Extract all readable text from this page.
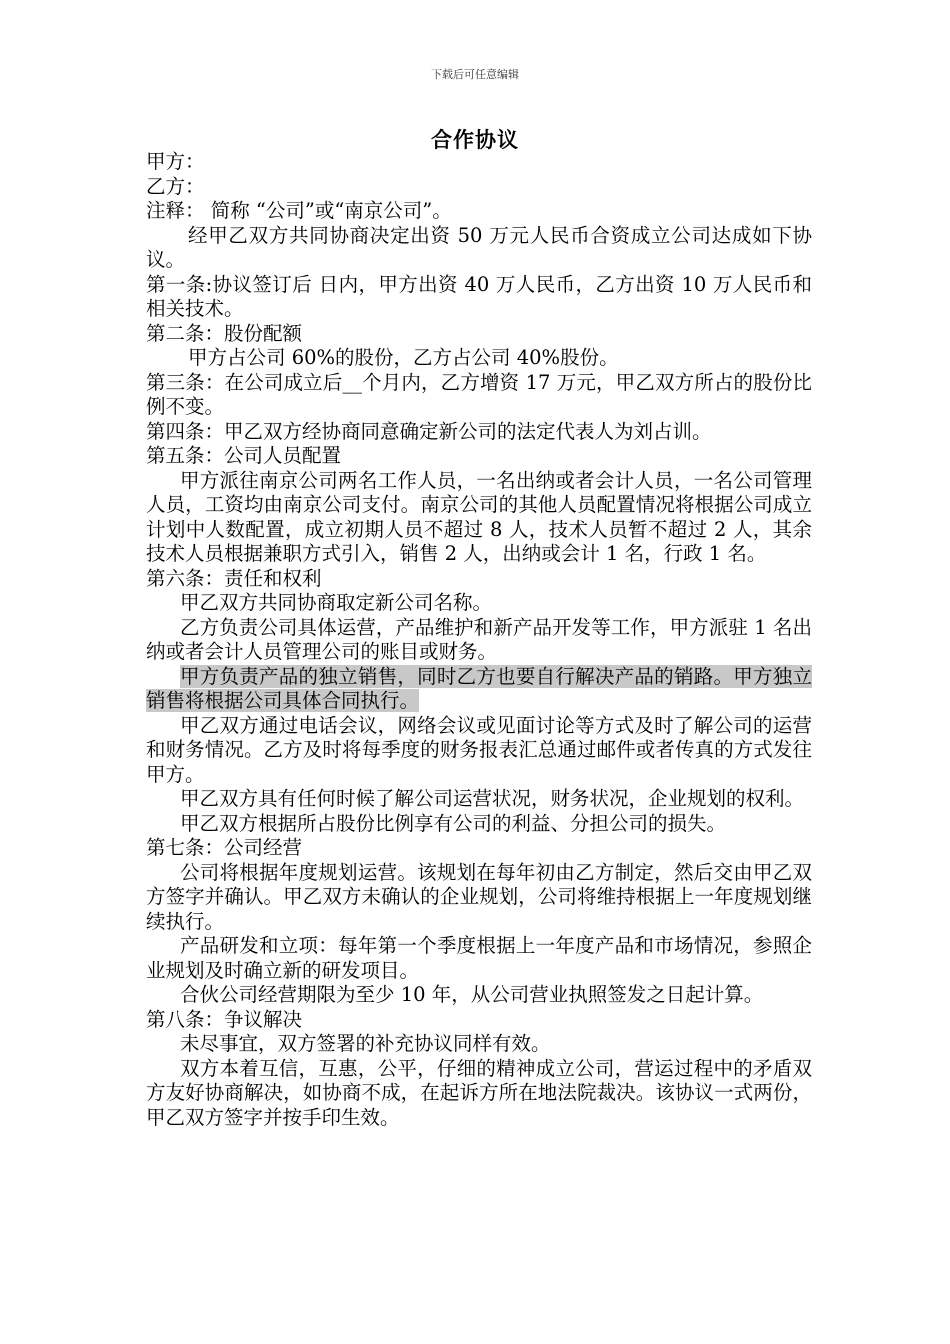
下载后可任意编辑
合作协议

甲方：

乙方：

注释： 简称 “公司”或“南京公司”。

经甲乙双方共同协商决定出资 50 万元人民币合资成立公司达成如下协议。

第一条:协议签订后 日内，甲方出资 40 万人民币，乙方出资 10 万人民币和相关技术。

第二条：股份配额

甲方占公司 60%的股份，乙方占公司 40%股份。

第三条：在公司成立后__个月内，乙方增资 17 万元，甲乙双方所占的股份比例不变。

第四条：甲乙双方经协商同意确定新公司的法定代表人为刘占训。

第五条：公司人员配置

甲方派往南京公司两名工作人员，一名出纳或者会计人员，一名公司管理人员，工资均由南京公司支付。南京公司的其他人员配置情况将根据公司成立计划中人数配置，成立初期人员不超过 8 人，技术人员暂不超过 2 人，其余技术人员根据兼职方式引入，销售 2 人，出纳或会计 1 名，行政 1 名。

第六条：责任和权利

甲乙双方共同协商取定新公司名称。

乙方负责公司具体运营，产品维护和新产品开发等工作，甲方派驻 1 名出纳或者会计人员管理公司的账目或财务。

甲方负责产品的独立销售，同时乙方也要自行解决产品的销路。甲方独立销售将根据公司具体合同执行。

甲乙双方通过电话会议，网络会议或见面讨论等方式及时了解公司的运营和财务情况。乙方及时将每季度的财务报表汇总通过邮件或者传真的方式发往甲方。

甲乙双方具有任何时候了解公司运营状况，财务状况，企业规划的权利。

甲乙双方根据所占股份比例享有公司的利益、分担公司的损失。

第七条：公司经营

公司将根据年度规划运营。该规划在每年初由乙方制定，然后交由甲乙双方签字并确认。甲乙双方未确认的企业规划，公司将维持根据上一年度规划继续执行。

产品研发和立项：每年第一个季度根据上一年度产品和市场情况，参照企业规划及时确立新的研发项目。

合伙公司经营期限为至少 10 年，从公司营业执照签发之日起计算。

第八条：争议解决

未尽事宜，双方签署的补充协议同样有效。

双方本着互信，互惠，公平，仔细的精神成立公司，营运过程中的矛盾双方友好协商解决，如协商不成，在起诉方所在地法院裁决。该协议一式两份，甲乙双方签字并按手印生效。
